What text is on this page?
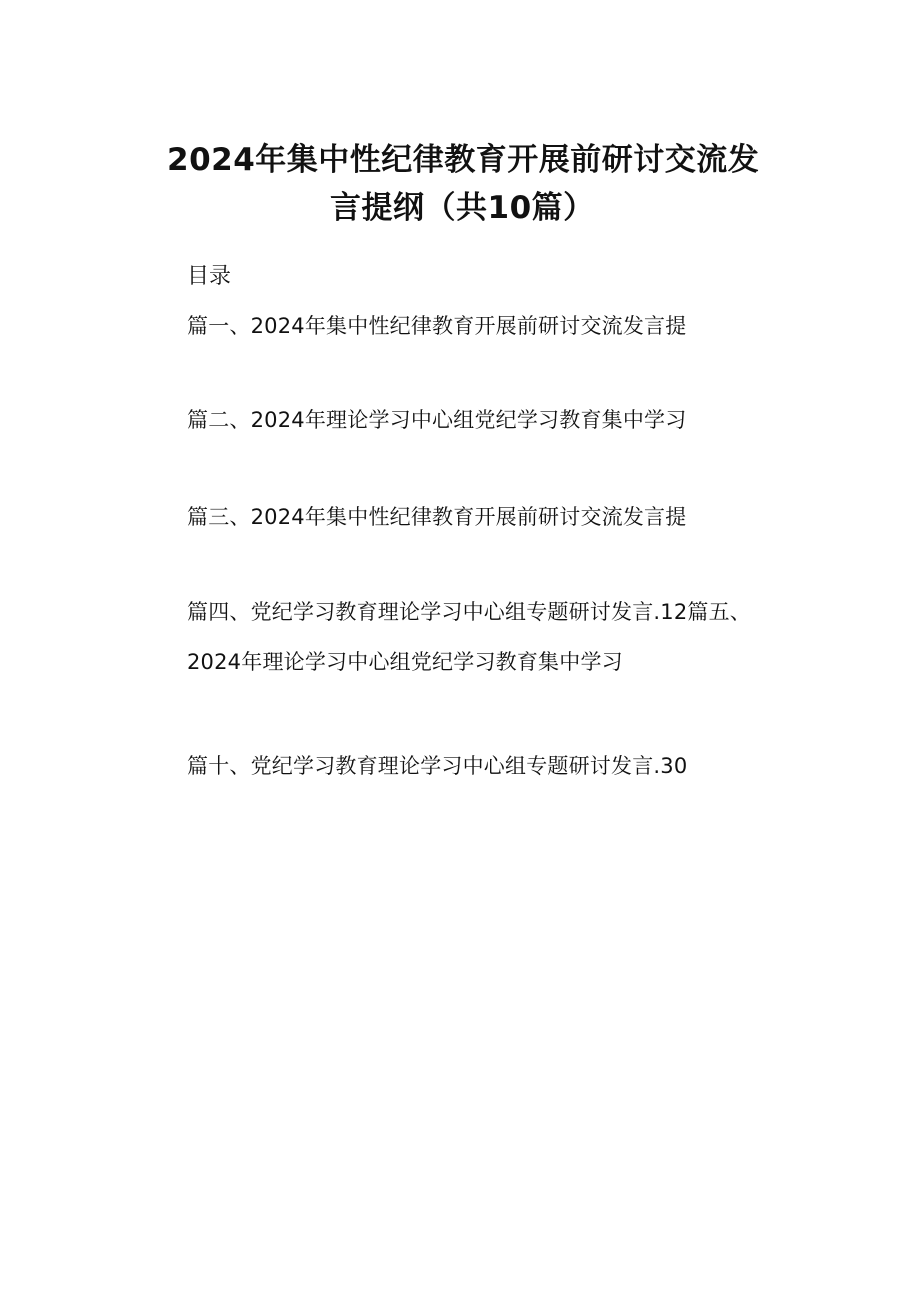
2024年集中性纪律教育开展前研讨交流发
言提纲（共10篇）
目录
篇一、2024年集中性纪律教育开展前研讨交流发言提
篇二、2024年理论学习中心组党纪学习教育集中学习
篇三、2024年集中性纪律教育开展前研讨交流发言提
篇四、党纪学习教育理论学习中心组专题研讨发言.12篇五、
2024年理论学习中心组党纪学习教育集中学习
篇十、党纪学习教育理论学习中心组专题研讨发言.30
